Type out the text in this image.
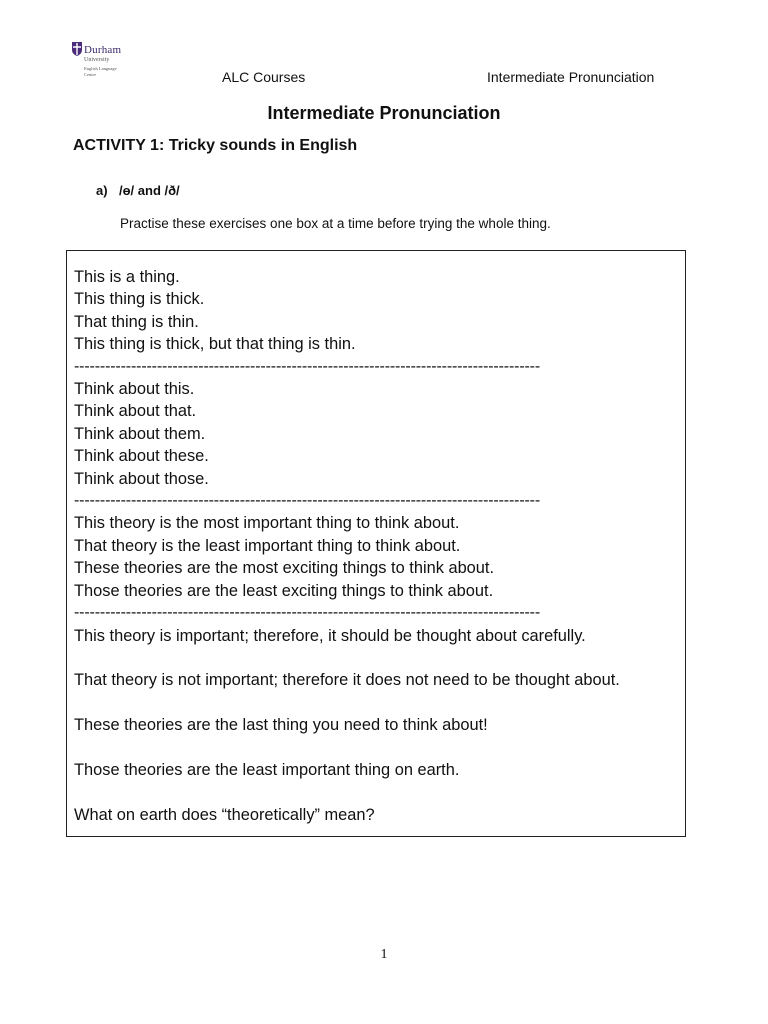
Durham
University
English Language Centre	ALC Courses	Intermediate Pronunciation
Intermediate Pronunciation
ACTIVITY 1: Tricky sounds in English
a) /ɵ/ and /ð/
Practise these exercises one box at a time before trying the whole thing.
This is a thing.
This thing is thick.
That thing is thin.
This thing is thick, but that thing is thin.
------------------------------------------------------------------------------------------
Think about this.
Think about that.
Think about them.
Think about these.
Think about those.
------------------------------------------------------------------------------------------
This theory is the most important thing to think about.
That theory is the least important thing to think about.
These theories are the most exciting things to think about.
Those theories are the least exciting things to think about.
------------------------------------------------------------------------------------------
This theory is important; therefore, it should be thought about carefully.
That theory is not important; therefore it does not need to be thought about.
These theories are the last thing you need to think about!
Those theories are the least important thing on earth.
What on earth does “theoretically” mean?
1
